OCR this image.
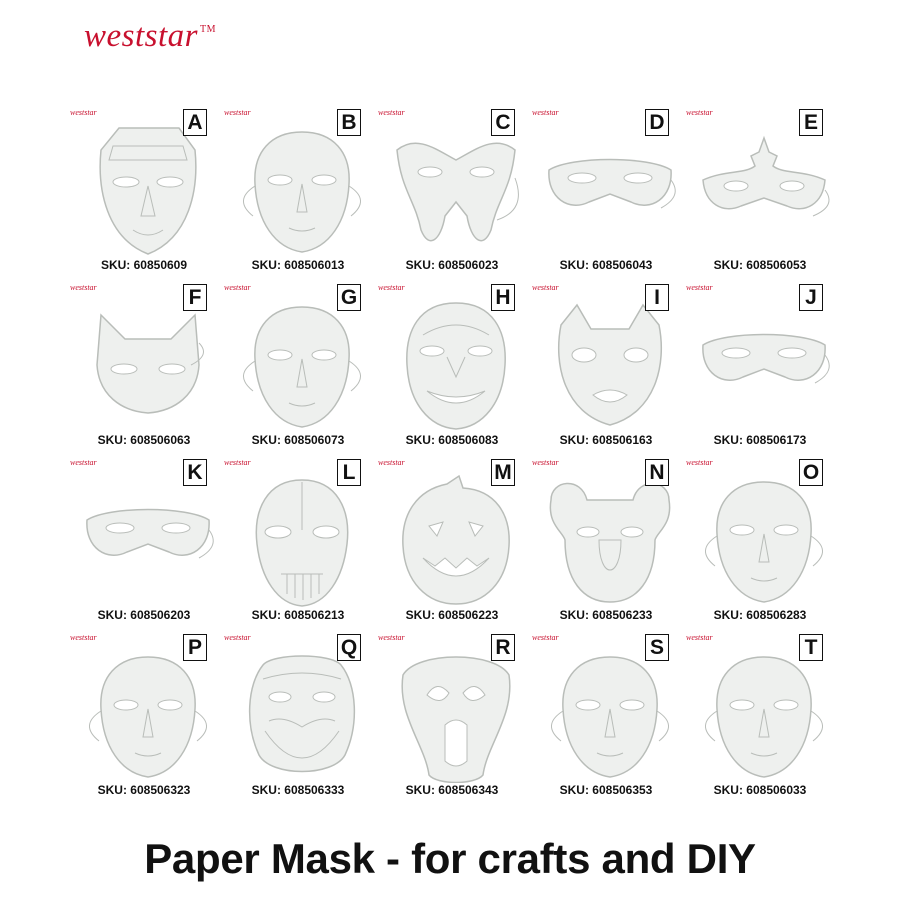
weststar ™
weststar	A
SKU: 60850609
weststar	B
SKU: 608506013
weststar	C
SKU: 608506023
weststar	D
SKU: 608506043
weststar	E
SKU: 608506053
weststar	F
SKU: 608506063
weststar	G
SKU: 608506073
weststar	H
SKU: 608506083
weststar	I
SKU: 608506163
weststar	J
SKU: 608506173
weststar	K
SKU: 608506203
weststar	L
SKU: 608506213
weststar	M
SKU: 608506223
weststar	N
SKU: 608506233
weststar	O
SKU: 608506283
weststar	P
SKU: 608506323
weststar	Q
SKU: 608506333
weststar	R
SKU: 608506343
weststar	S
SKU: 608506353
weststar	T
SKU: 608506033
Paper Mask - for crafts and DIY
